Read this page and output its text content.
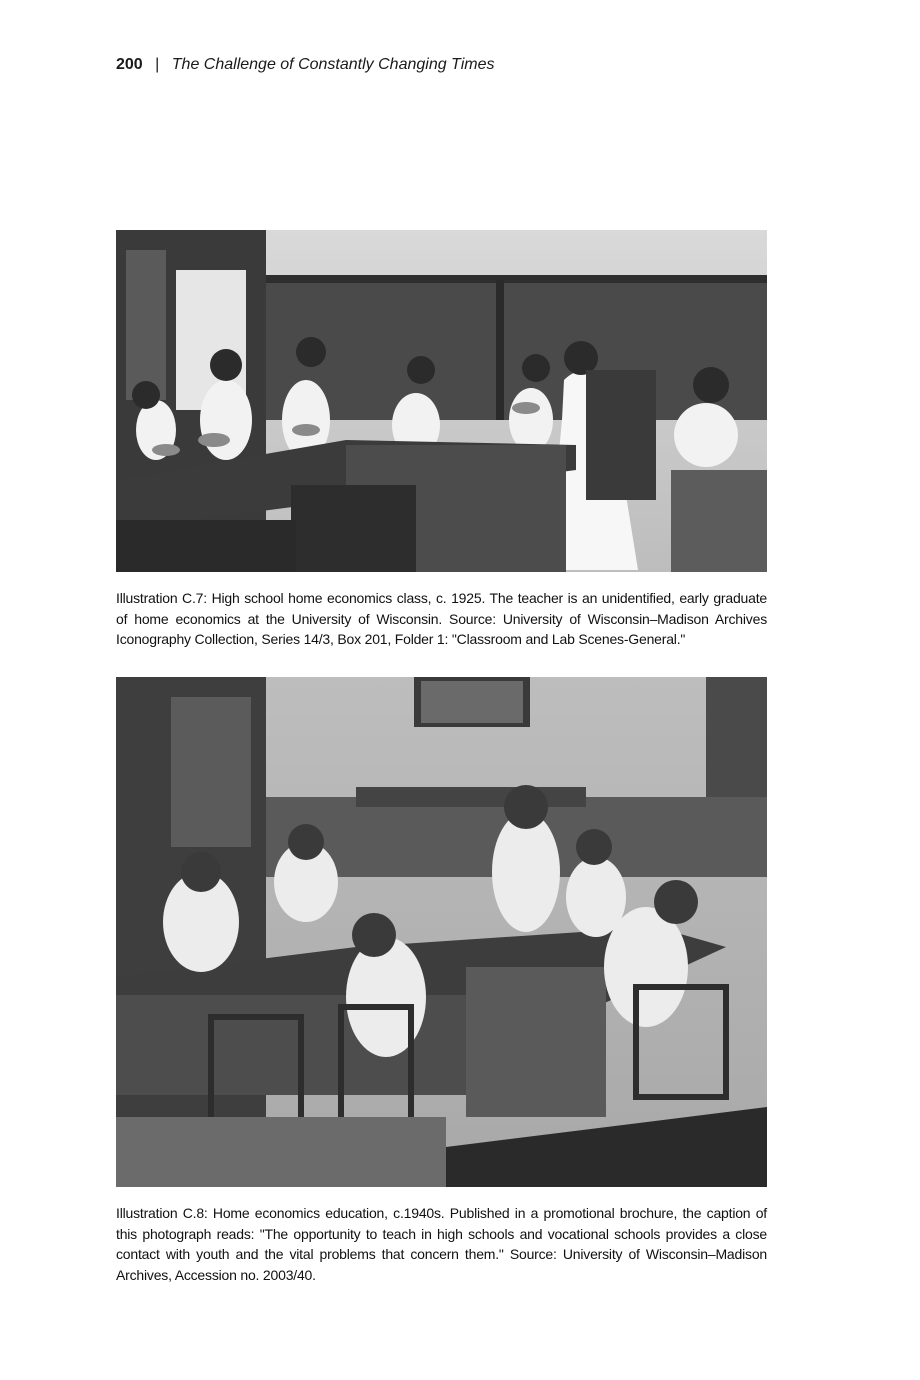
200 | The Challenge of Constantly Changing Times
Illustration C.7: High school home economics class, c. 1925. The teacher is an unidentified, early graduate of home economics at the University of Wisconsin. Source: University of Wisconsin–Madison Archives Iconography Collection, Series 14/3, Box 201, Folder 1: "Classroom and Lab Scenes-General."
Illustration C.8: Home economics education, c.1940s. Published in a promotional brochure, the caption of this photograph reads: "The opportunity to teach in high schools and vocational schools provides a close contact with youth and the vital problems that concern them." Source: University of Wisconsin–Madison Archives, Accession no. 2003/40.
